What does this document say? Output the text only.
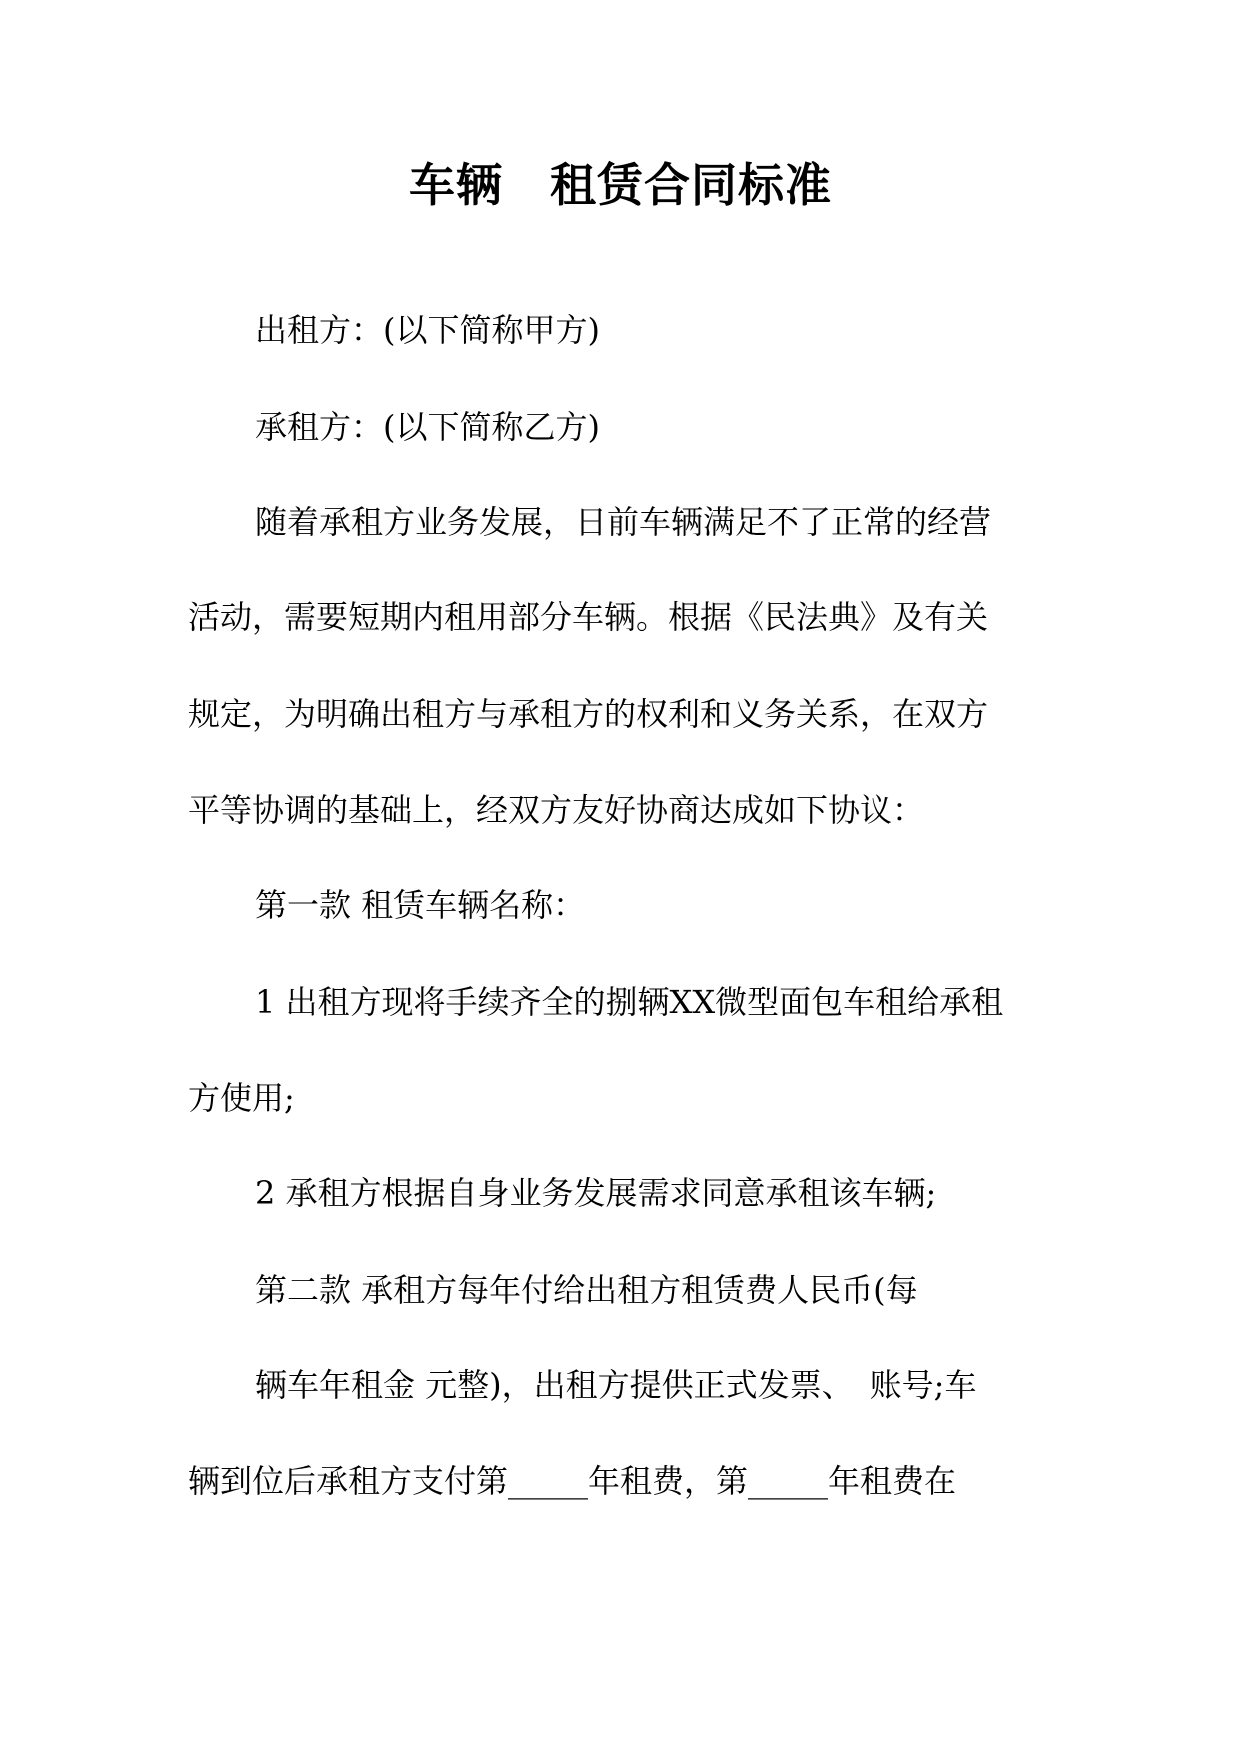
车辆　租赁合同标准

出租方：(以下简称甲方)

承租方：(以下简称乙方)

随着承租方业务发展，日前车辆满足不了正常的经营

活动，需要短期内租用部分车辆。根据《民法典》及有关

规定，为明确出租方与承租方的权利和义务关系，在双方

平等协调的基础上，经双方友好协商达成如下协议：

第一款 租赁车辆名称：

1 出租方现将手续齐全的捌辆XX微型面包车租给承租

方使用;

2 承租方根据自身业务发展需求同意承租该车辆;

第二款 承租方每年付给出租方租赁费人民币(每

辆车年租金 元整)，出租方提供正式发票、　账号;车

辆到位后承租方支付第_____年租费，第_____年租费在
